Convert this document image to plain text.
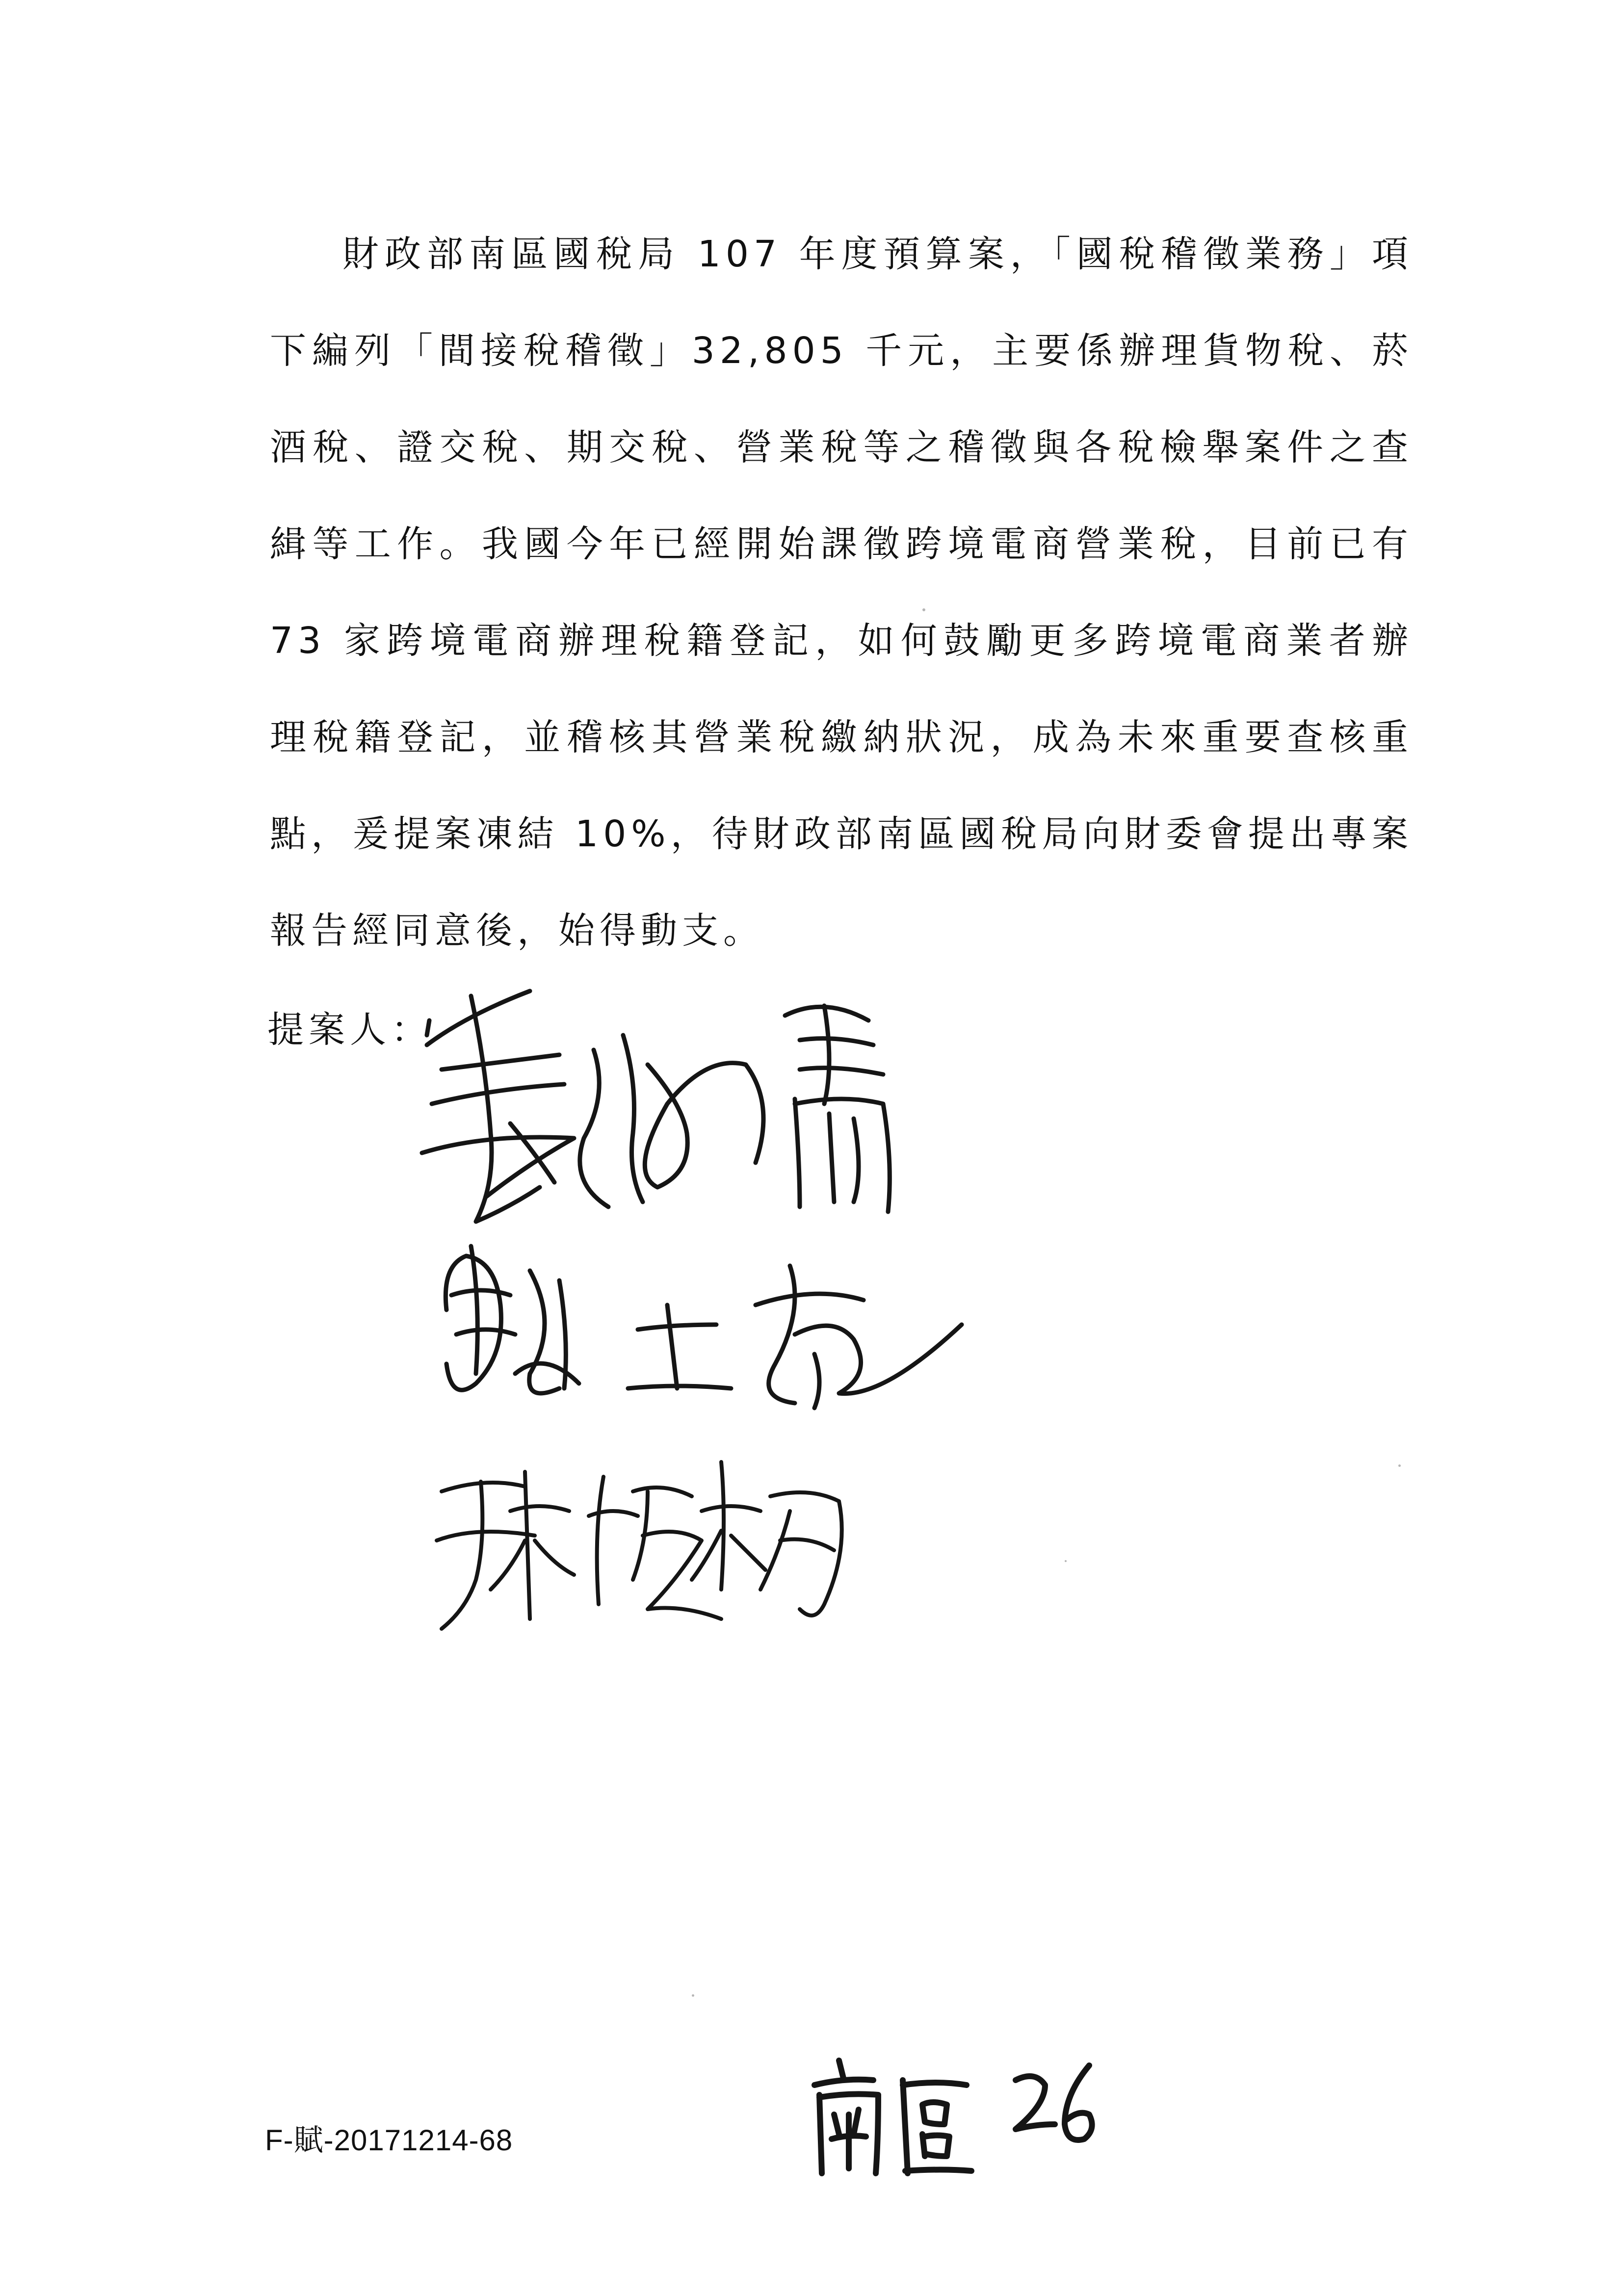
財政部南區國稅局 107 年度預算案，「國稅稽徵業務」項下編列「間接稅稽徵」32,805 千元，主要係辦理貨物稅、菸酒稅、證交稅、期交稅、營業稅等之稽徵與各稅檢舉案件之查緝等工作。我國今年已經開始課徵跨境電商營業稅，目前已有 73 家跨境電商辦理稅籍登記，如何鼓勵更多跨境電商業者辦理稅籍登記，並稽核其營業稅繳納狀況，成為未來重要查核重點，爰提案凍結 10%，待財政部南區國稅局向財委會提出專案報告經同意後，始得動支。

提案人：

F-賦-20171214-68
